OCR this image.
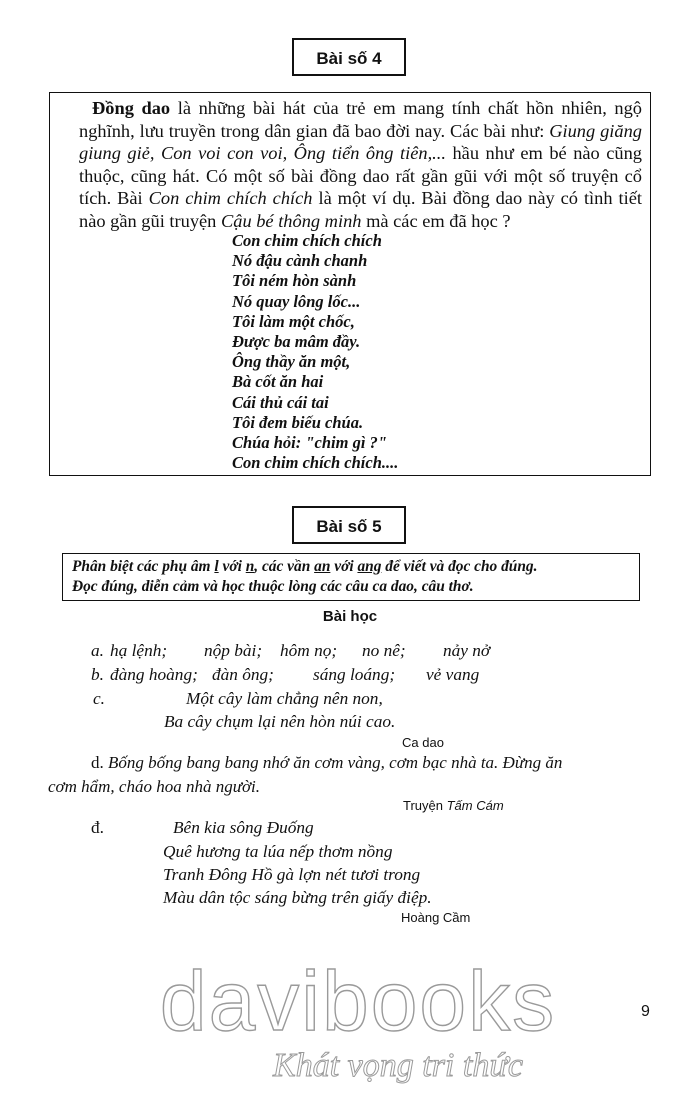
Bài số 4

Đồng dao là những bài hát của trẻ em mang tính chất hồn nhiên, ngộ nghĩnh, lưu truyền trong dân gian đã bao đời nay. Các bài như: Giung giăng giung giẻ, Con voi con voi, Ông tiển ông tiên,... hầu như em bé nào cũng thuộc, cũng hát. Có một số bài đồng dao rất gần gũi với một số truyện cổ tích. Bài Con chim chích chích là một ví dụ. Bài đồng dao này có tình tiết nào gần gũi truyện Cậu bé thông minh mà các em đã học ?

Con chim chích chích
Nó đậu cành chanh
Tôi ném hòn sành
Nó quay lông lốc...
Tôi làm một chốc,
Được ba mâm đầy.
Ông thầy ăn một,
Bà cốt ăn hai
Cái thủ cái tai
Tôi đem biếu chúa.
Chúa hỏi: "chim gì ?"
Con chim chích chích....
Bài số 5
Phân biệt các phụ âm l với n, các vần an với ang để viết và đọc cho đúng.
Đọc đúng, diễn cảm và học thuộc lòng các câu ca dao, câu thơ.
Bài học
a. hạ lệnh; nộp bài; hôm nọ; no nê; nảy nở
b. đàng hoàng; đàn ông; sáng loáng; vẻ vang
c.	Một cây làm chẳng nên non,
Ba cây chụm lại nên hòn núi cao.
Ca dao
d. Bống bống bang bang nhớ ăn cơm vàng, cơm bạc nhà ta. Đừng ăn
cơm hẩm, cháo hoa nhà người.
Truyện Tấm Cám
đ.	Bên kia sông Đuống
Quê hương ta lúa nếp thơm nồng
Tranh Đông Hồ gà lợn nét tươi trong
Màu dân tộc sáng bừng trên giấy điệp.
Hoàng Cầm
9
davibooks
Khát vọng tri thức
